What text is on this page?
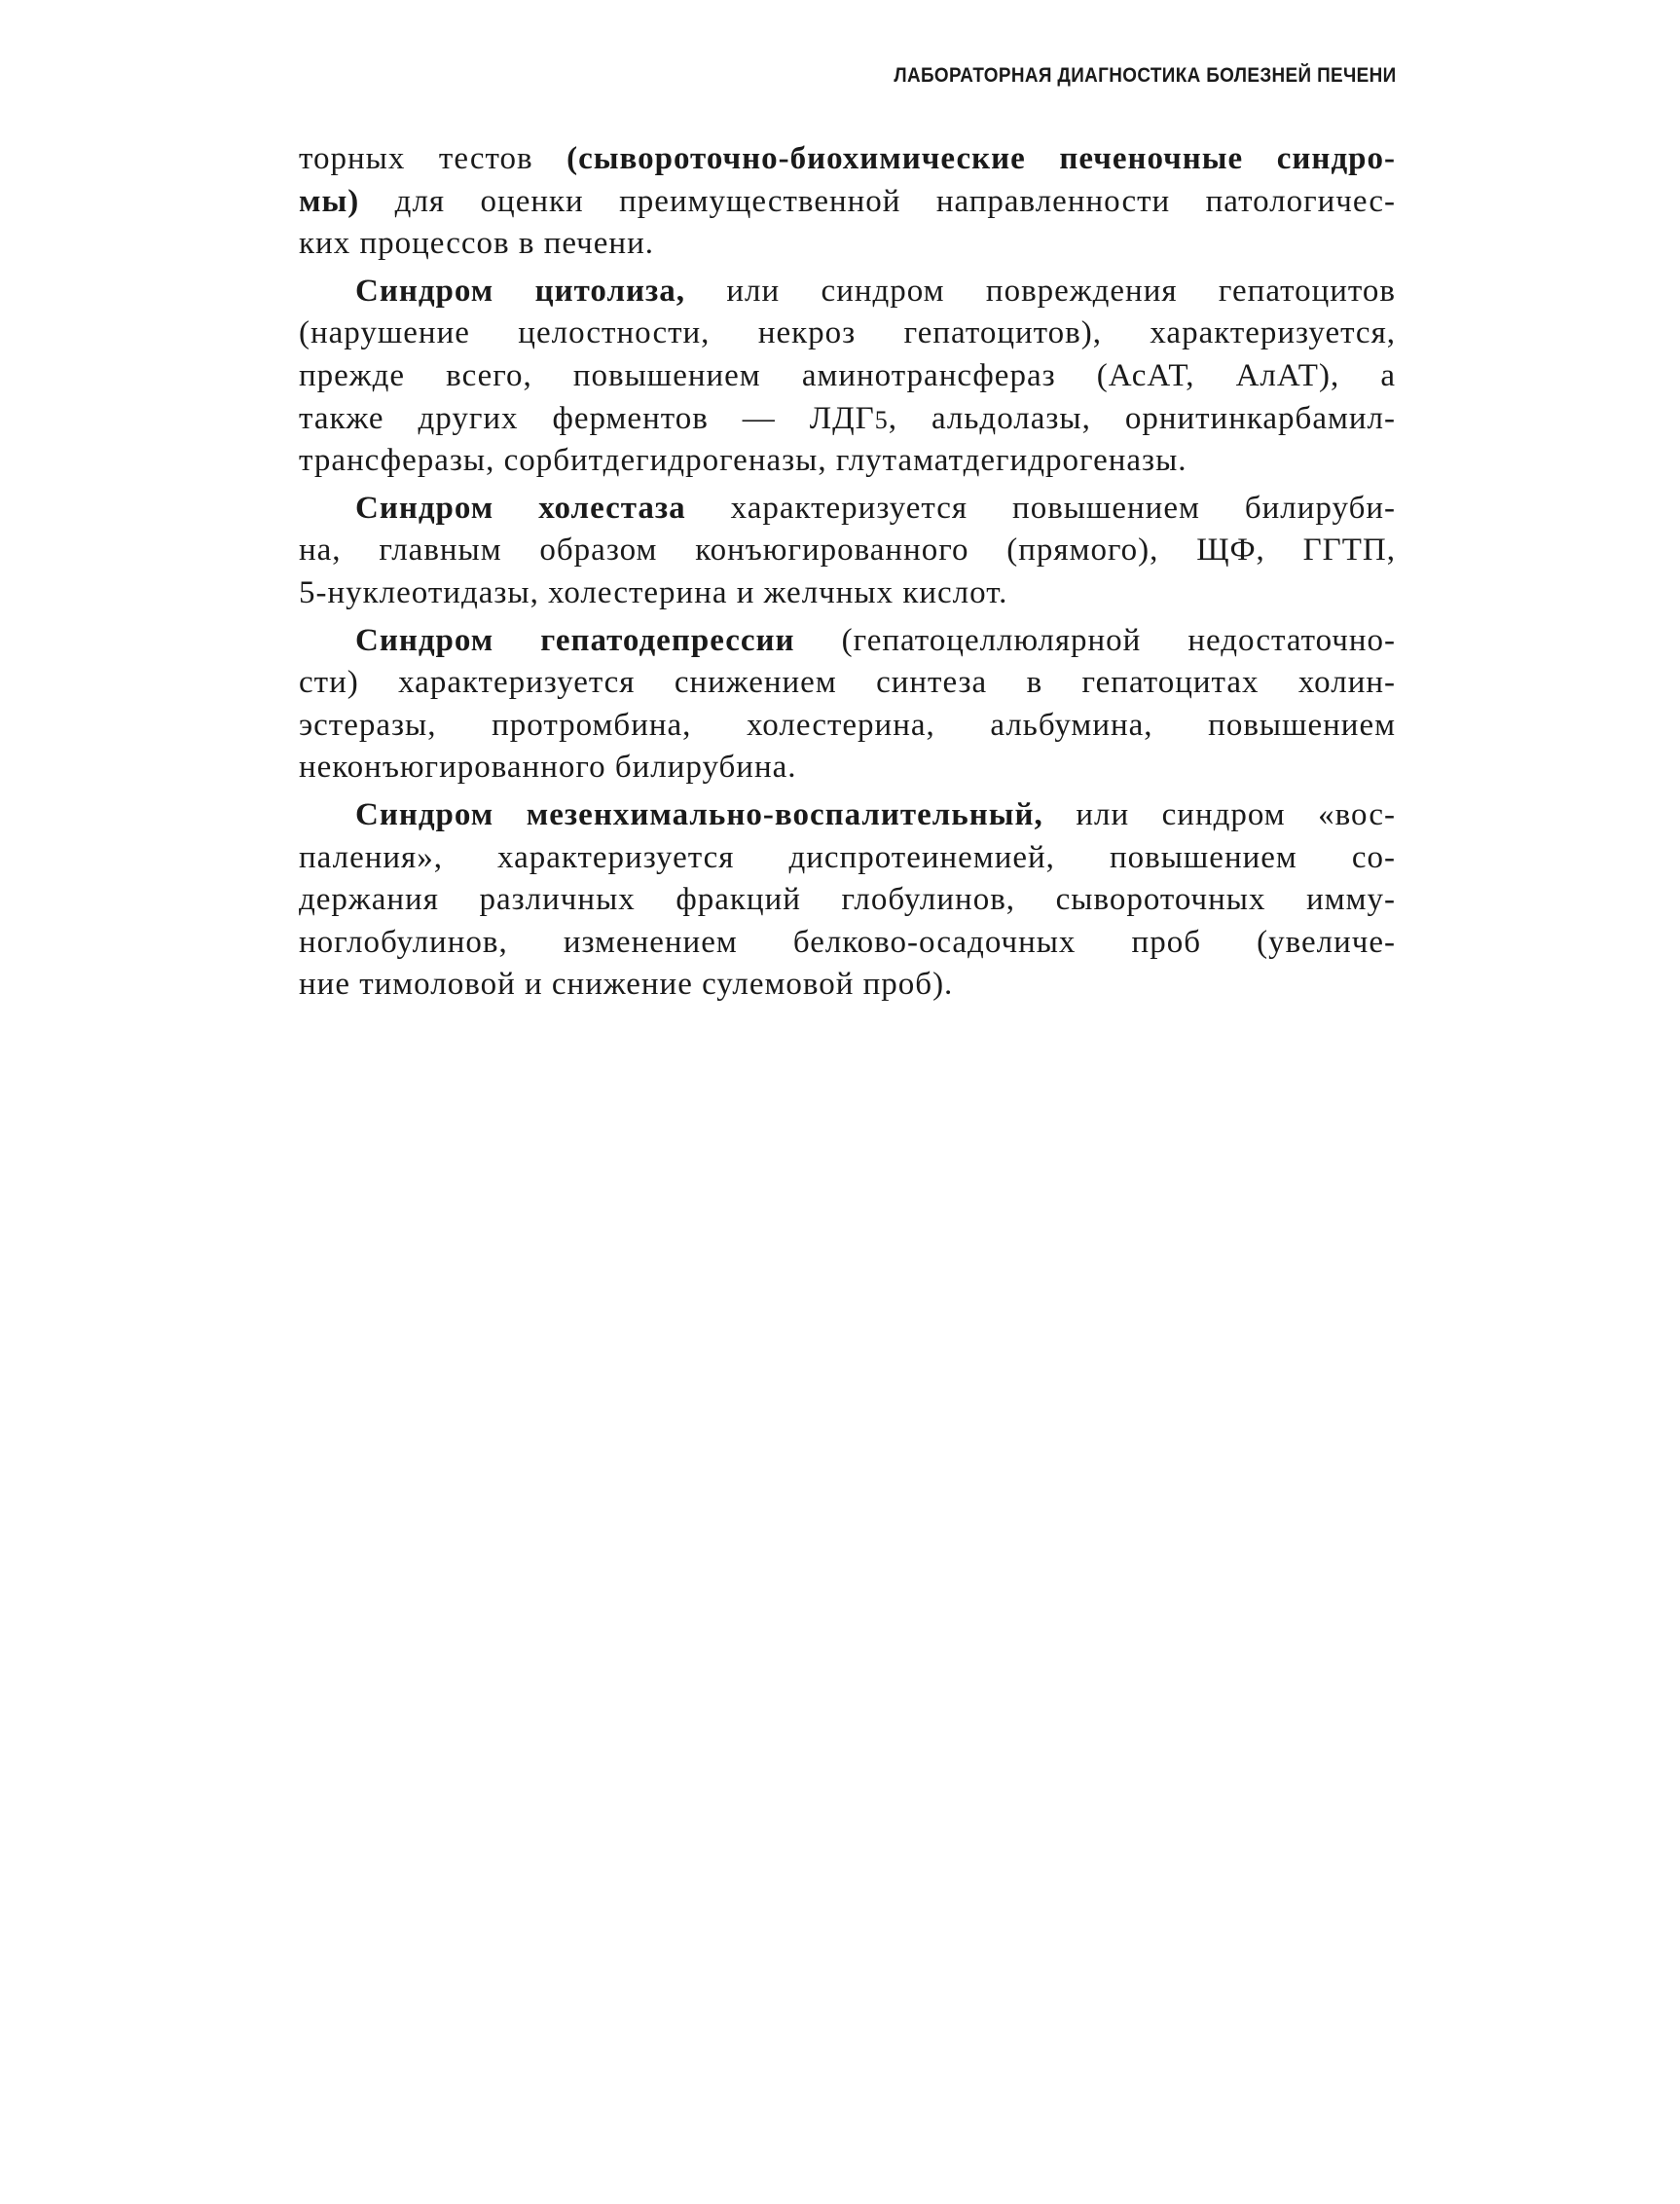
ЛАБОРАТОРНАЯ ДИАГНОСТИКА БОЛЕЗНЕЙ ПЕЧЕНИ
торных тестов (сывороточно-биохимические печеночные синдро-
мы) для оценки преимущественной направленности патологичес-
ких процессов в печени.
Синдром цитолиза, или синдром повреждения гепатоцитов
(нарушение целостности, некроз гепатоцитов), характеризуется,
прежде всего, повышением аминотрансфераз (АсАТ, АлАТ), а
также других ферментов — ЛДГ5, альдолазы, орнитинкарбамил-
трансферазы, сорбитдегидрогеназы, глутаматдегидрогеназы.
Синдром холестаза характеризуется повышением билируби-
на, главным образом конъюгированного (прямого), ЩФ, ГГТП,
5-нуклеотидазы, холестерина и желчных кислот.
Синдром гепатодепрессии (гепатоцеллюлярной недостаточно-
сти) характеризуется снижением синтеза в гепатоцитах холин-
эстеразы, протромбина, холестерина, альбумина, повышением
неконъюгированного билирубина.
Синдром мезенхимально-воспалительный, или синдром «вос-
паления», характеризуется диспротеинемией, повышением со-
держания различных фракций глобулинов, сывороточных имму-
ноглобулинов, изменением белково-осадочных проб (увеличе-
ние тимоловой и снижение сулемовой проб).
